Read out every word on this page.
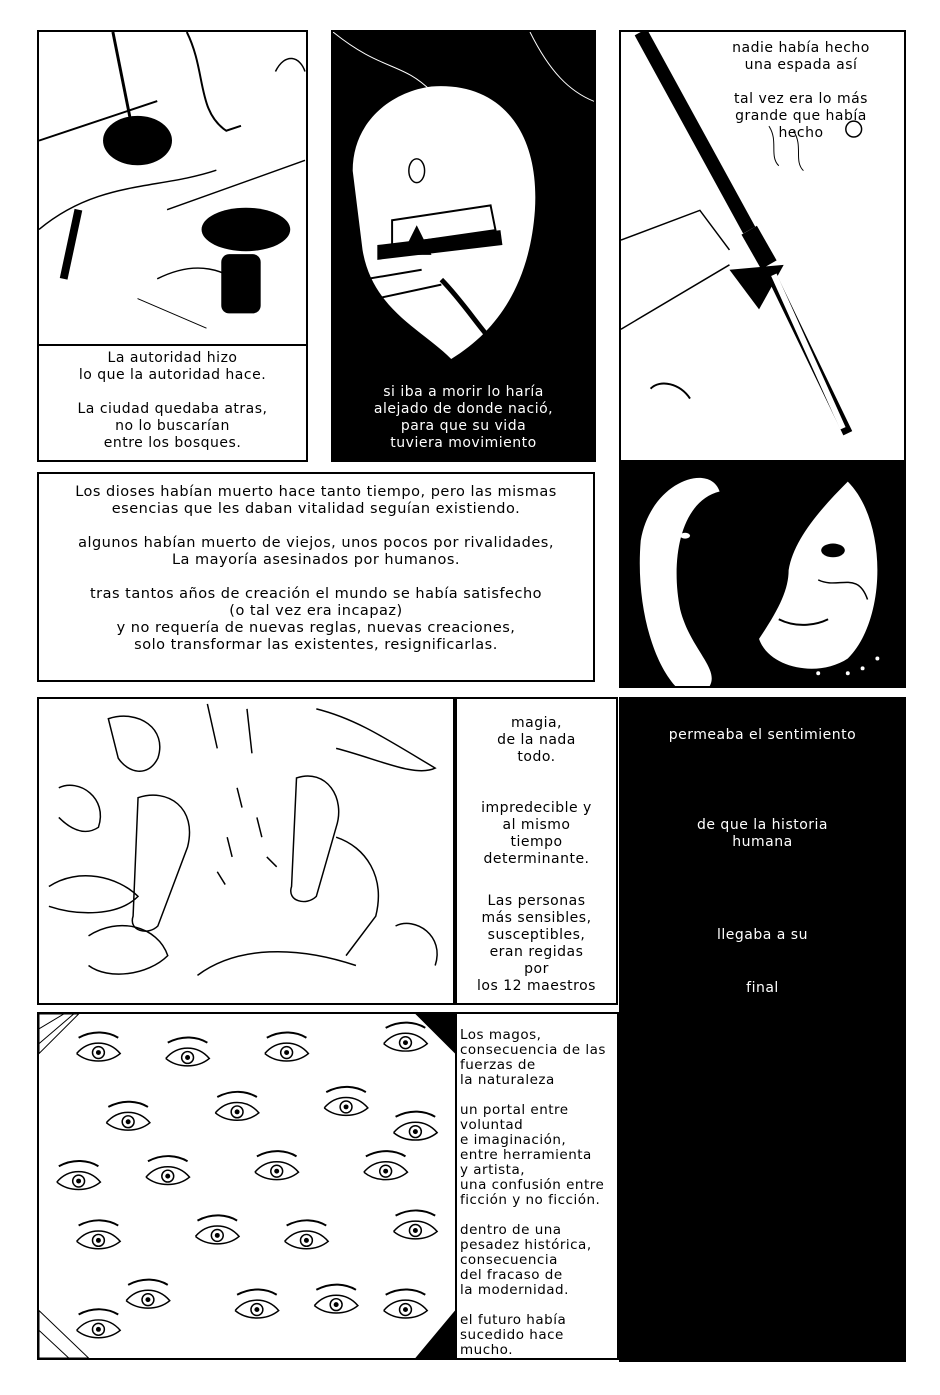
La autoridad hizo
lo que la autoridad hace.
La ciudad quedaba atras,
no lo buscarían
entre los bosques.
si iba a morir lo haría
alejado de donde nació,
para que su vida
tuviera movimiento
nadie había hecho
una espada así
tal vez era lo más
grande que había hecho
Los dioses habían muerto hace tanto tiempo, pero las mismas
esencias que les daban vitalidad seguían existiendo.
algunos habían muerto de viejos, unos pocos por rivalidades,
La mayoría asesinados por humanos.
tras tantos años de creación el mundo se había satisfecho
(o tal vez era incapaz)
y no requería de nuevas reglas, nuevas creaciones,
solo transformar las existentes, resignificarlas.
magia,
de la nada
todo.
impredecible y
al mismo
tiempo
determinante.
Las personas
más sensibles,
susceptibles,
eran regidas
por
los 12 maestros
permeaba el sentimiento
de que la historia
humana
llegaba a su
final
Los magos,
consecuencia de las
fuerzas de
la naturaleza
un portal entre
voluntad
e imaginación,
entre herramienta
y artista,
una confusión entre
ficción y no ficción.
dentro de una
pesadez histórica,
consecuencia
del fracaso de
la modernidad.
el futuro había
sucedido hace mucho.
